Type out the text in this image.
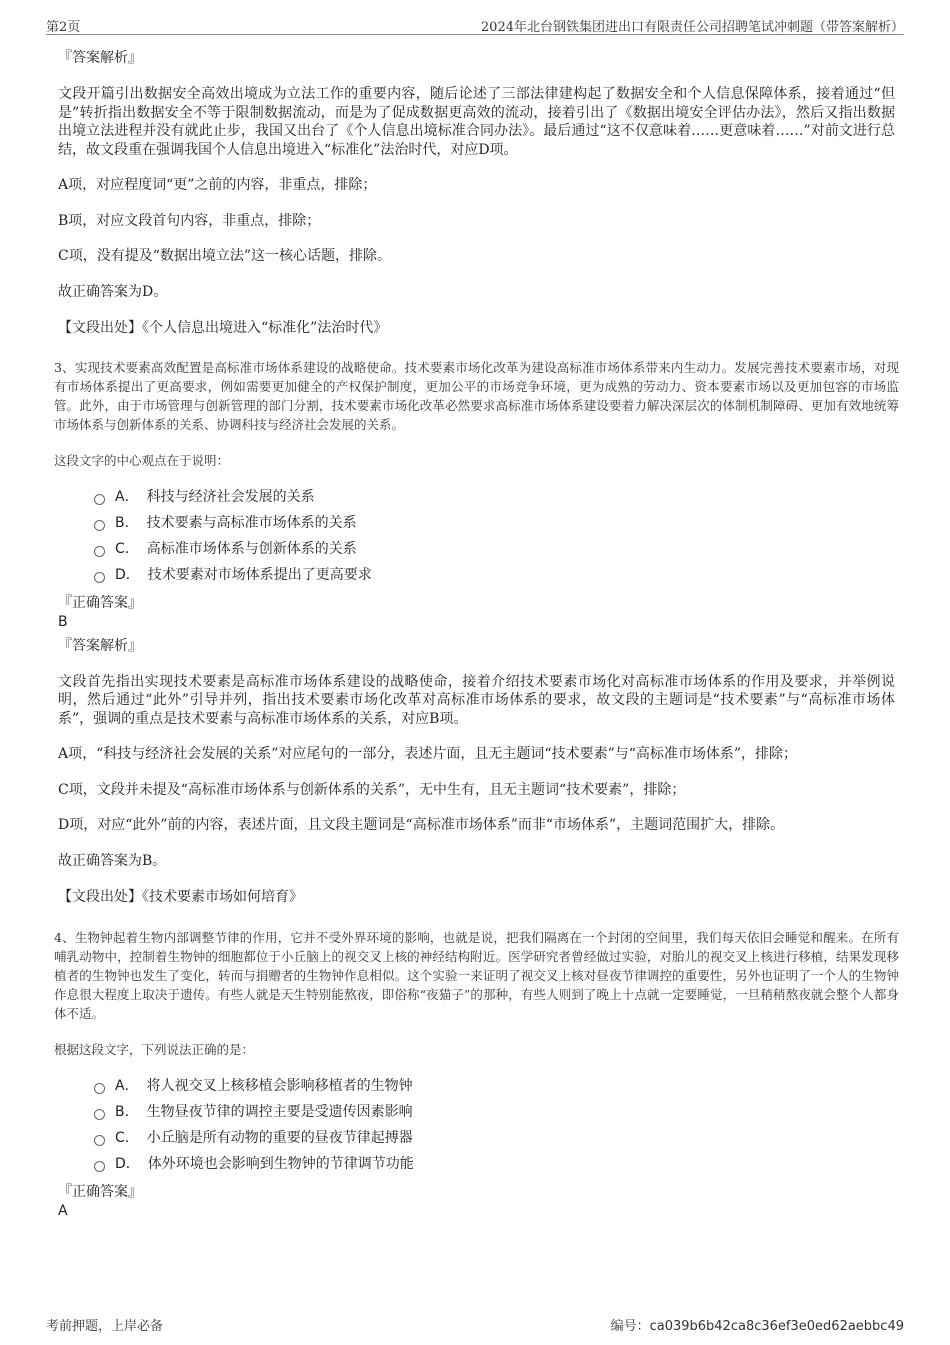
第2页	2024年北台钢铁集团进出口有限责任公司招聘笔试冲刺题（带答案解析）
『答案解析』

文段开篇引出数据安全高效出境成为立法工作的重要内容，随后论述了三部法律建构起了数据安全和个人信息保障体系，接着通过“但是”转折指出数据安全不等于限制数据流动，而是为了促成数据更高效的流动，接着引出了《数据出境安全评估办法》，然后又指出数据出境立法进程并没有就此止步，我国又出台了《个人信息出境标准合同办法》。最后通过“这不仅意味着……更意味着……”对前文进行总结，故文段重在强调我国个人信息出境进入“标准化”法治时代，对应D项。

A项，对应程度词“更”之前的内容，非重点，排除；

B项，对应文段首句内容，非重点，排除；

C项，没有提及“数据出境立法”这一核心话题，排除。

故正确答案为D。

【文段出处】《个人信息出境进入“标准化”法治时代》

3、实现技术要素高效配置是高标准市场体系建设的战略使命。技术要素市场化改革为建设高标准市场体系带来内生动力。发展完善技术要素市场，对现有市场体系提出了更高要求，例如需要更加健全的产权保护制度，更加公平的市场竞争环境，更为成熟的劳动力、资本要素市场以及更加包容的市场监管。此外，由于市场管理与创新管理的部门分割，技术要素市场化改革必然要求高标准市场体系建设要着力解决深层次的体制机制障碍、更加有效地统筹市场体系与创新体系的关系、协调科技与经济社会发展的关系。

这段文字的中心观点在于说明：

A． 科技与经济社会发展的关系
B． 技术要素与高标准市场体系的关系
C． 高标准市场体系与创新体系的关系
D． 技术要素对市场体系提出了更高要求
『正确答案』
B
『答案解析』

文段首先指出实现技术要素是高标准市场体系建设的战略使命，接着介绍技术要素市场化对高标准市场体系的作用及要求，并举例说明，然后通过“此外”引导并列，指出技术要素市场化改革对高标准市场体系的要求，故文段的主题词是“技术要素”与“高标准市场体系”，强调的重点是技术要素与高标准市场体系的关系，对应B项。

A项，“科技与经济社会发展的关系”对应尾句的一部分，表述片面，且无主题词“技术要素”与“高标准市场体系”，排除；

C项，文段并未提及“高标准市场体系与创新体系的关系”，无中生有，且无主题词“技术要素”，排除；

D项，对应“此外”前的内容，表述片面，且文段主题词是“高标准市场体系”而非“市场体系”，主题词范围扩大，排除。

故正确答案为B。

【文段出处】《技术要素市场如何培育》

4、生物钟起着生物内部调整节律的作用，它并不受外界环境的影响，也就是说，把我们隔离在一个封闭的空间里，我们每天依旧会睡觉和醒来。在所有哺乳动物中，控制着生物钟的细胞都位于小丘脑上的视交叉上核的神经结构附近。医学研究者曾经做过实验，对胎儿的视交叉上核进行移植，结果发现移植者的生物钟也发生了变化，转而与捐赠者的生物钟作息相似。这个实验一来证明了视交叉上核对昼夜节律调控的重要性，另外也证明了一个人的生物钟作息很大程度上取决于遗传。有些人就是天生特别能熬夜，即俗称“夜猫子”的那种，有些人则到了晚上十点就一定要睡觉，一旦稍稍熬夜就会整个人都身体不适。

根据这段文字，下列说法正确的是：

A． 将人视交叉上核移植会影响移植者的生物钟
B． 生物昼夜节律的调控主要是受遗传因素影响
C． 小丘脑是所有动物的重要的昼夜节律起搏器
D． 体外环境也会影响到生物钟的节律调节功能
『正确答案』
A
考前押题，上岸必备	编号：ca039b6b42ca8c36ef3e0ed62aebbc49
